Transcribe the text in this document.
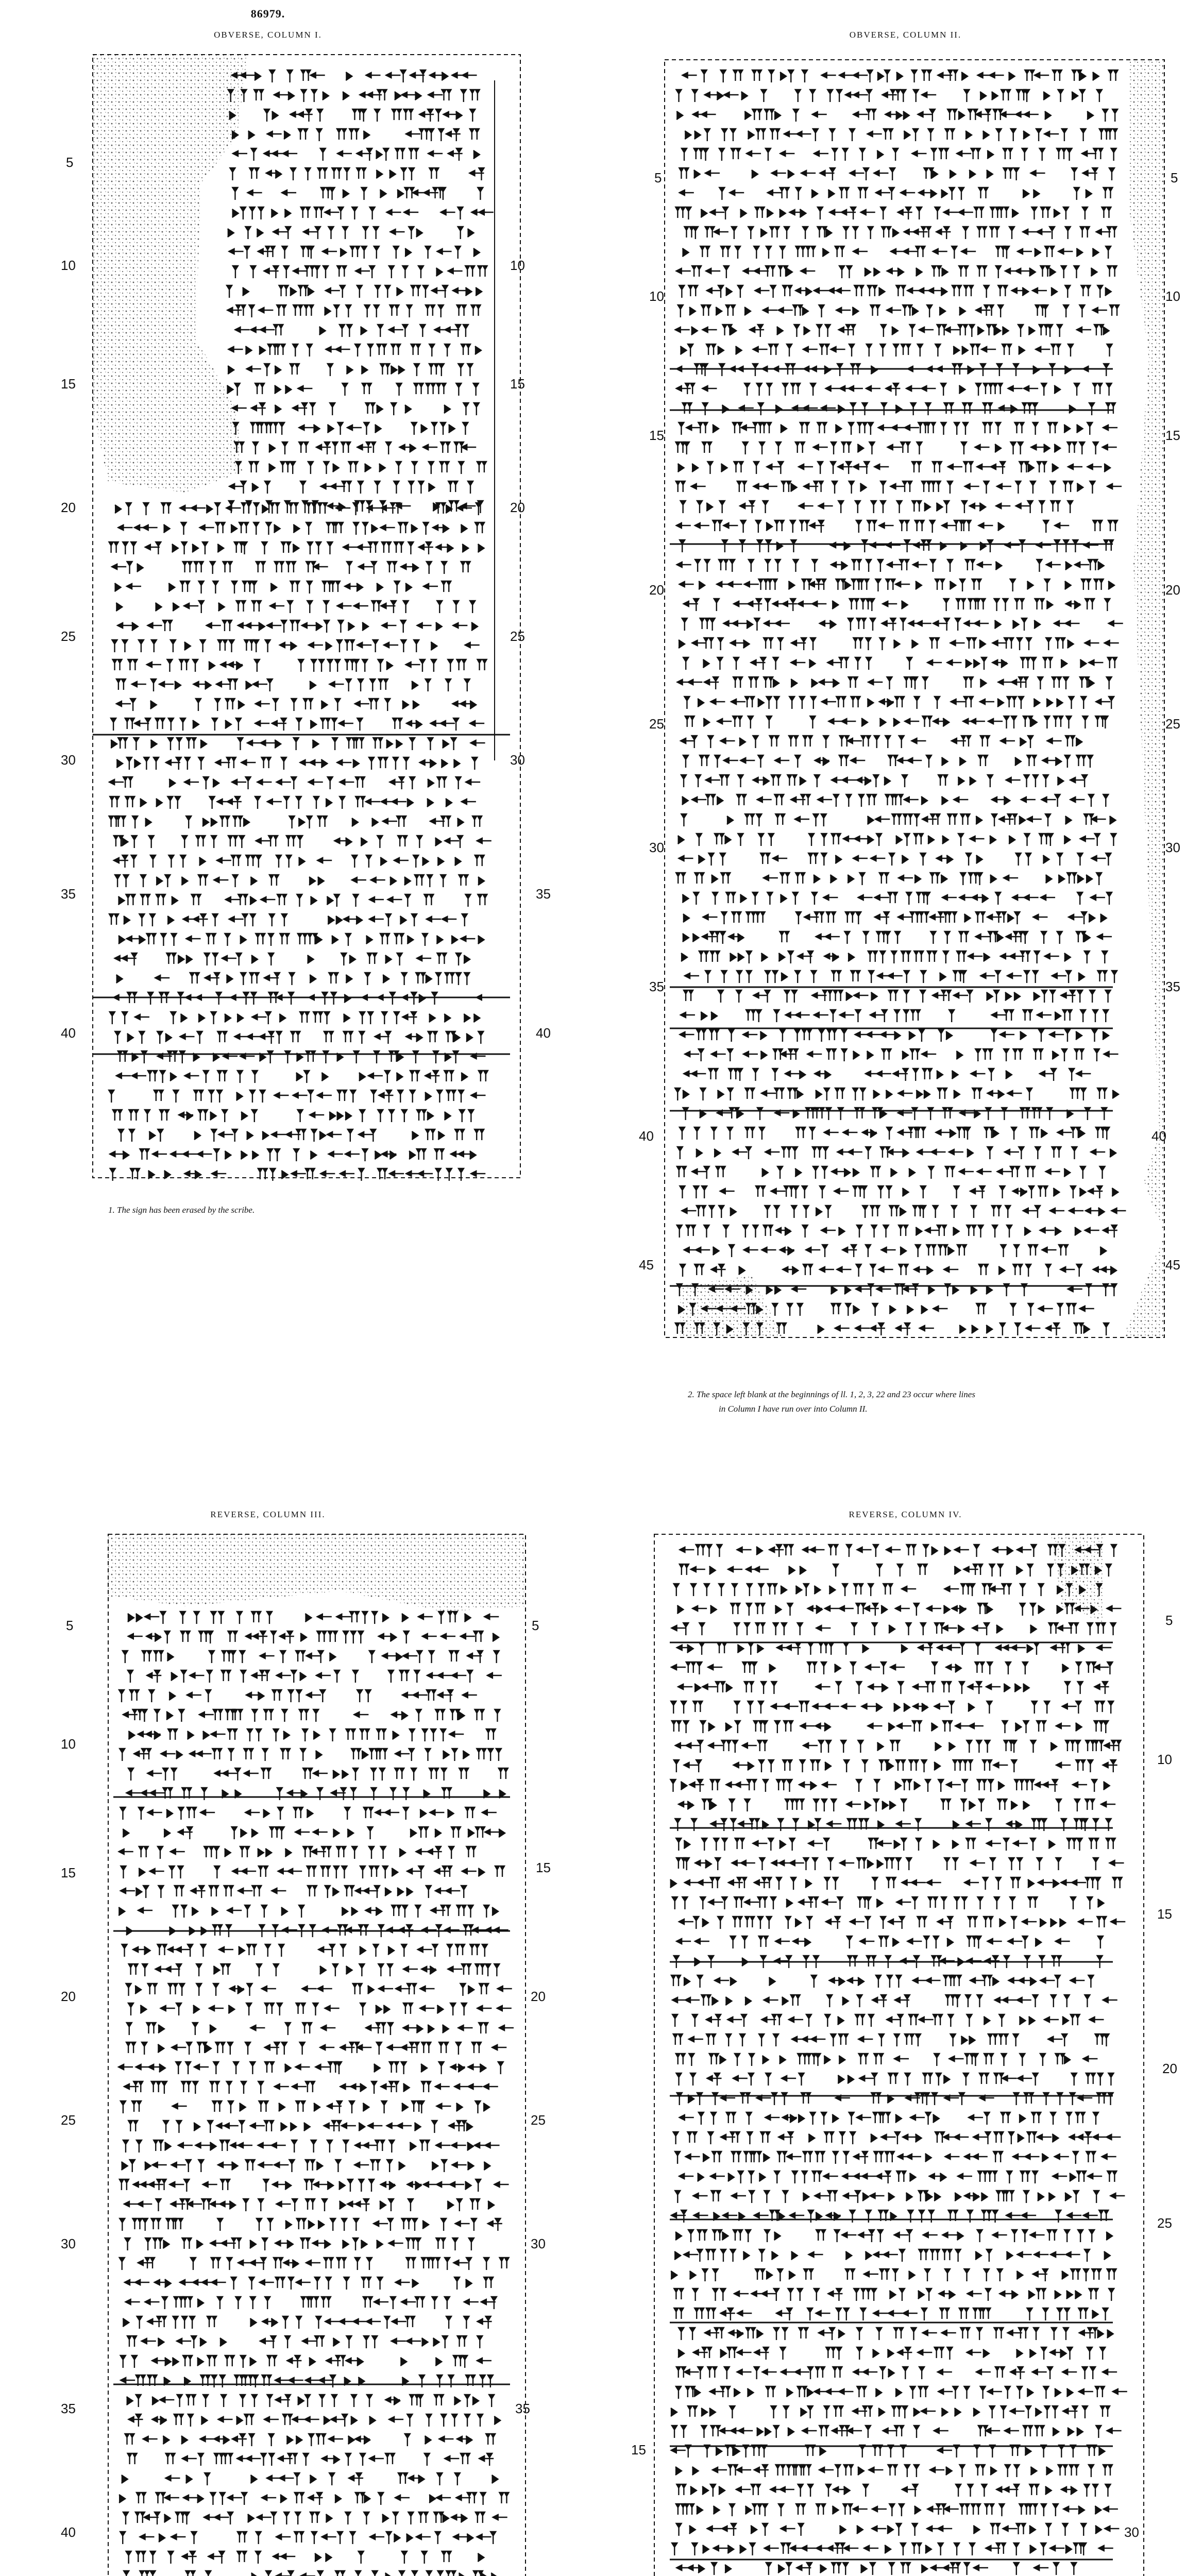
86979.
OBVERSE, COLUMN I.
5
10
15
20
25
30
35
40
10
15
20
25
30
35
40
1. The sign has been erased by the scribe.
OBVERSE, COLUMN II.
5
10
15
20
25
30
35
40
45
5
10
15
20
25
30
35
40
45
2. The space left blank at the beginnings of ll. 1, 2, 3, 22 and 23 occur where lines
in Column I have run over into Column II.
REVERSE, COLUMN III.
5
10
15
20
25
30
35
40
5
15
20
25
30
35
REVERSE, COLUMN IV.
15
5
10
15
20
25
30
